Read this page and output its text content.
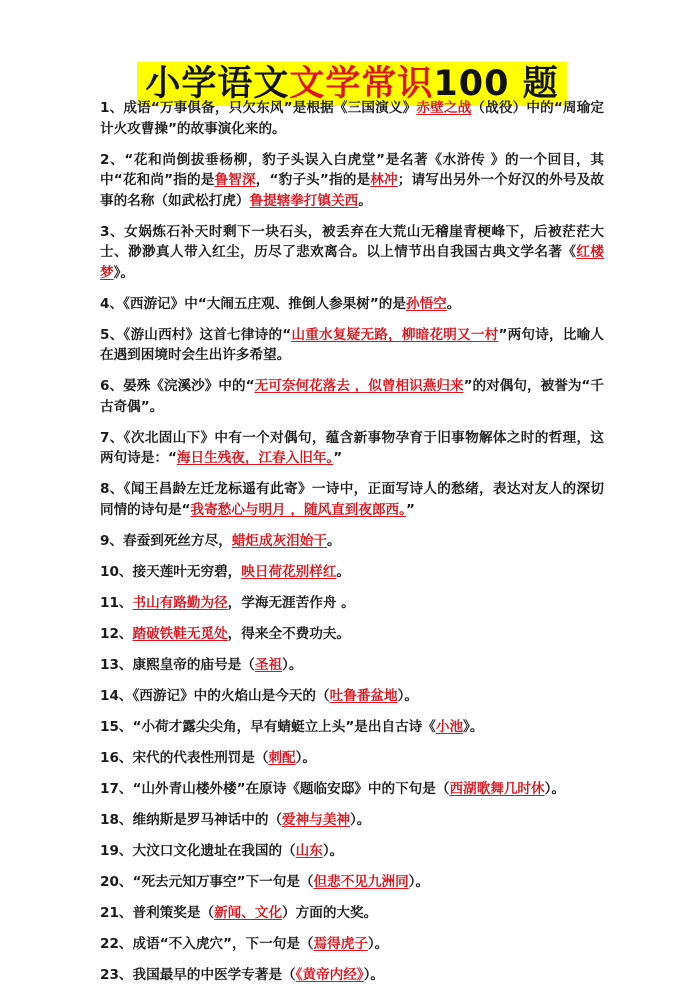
小学语文文学常识100 题
1、成语“万事俱备，只欠东风”是根据《三国演义》赤壁之战（战役）中的“周瑜定计火攻曹操”的故事演化来的。
2、“花和尚倒拔垂杨柳，豹子头误入白虎堂”是名著《水浒传 》的一个回目，其中“花和尚”指的是鲁智深，“豹子头”指的是林冲；请写出另外一个好汉的外号及故事的名称（如武松打虎）鲁提辖拳打镇关西。
3、女娲炼石补天时剩下一块石头，被丢弃在大荒山无稽崖青梗峰下，后被茫茫大士、渺渺真人带入红尘，历尽了悲欢离合。以上情节出自我国古典文学名著《红楼梦》。
4、《西游记》中“大闹五庄观、推倒人参果树”的是孙悟空。
5、《游山西村》这首七律诗的“山重水复疑无路，柳暗花明又一村”两句诗，比喻人在遇到困境时会生出许多希望。
6、晏殊《浣溪沙》中的“无可奈何花落去 ，似曾相识燕归来”的对偶句，被誉为“千古奇偶”。
7、《次北固山下》中有一个对偶句，蕴含新事物孕育于旧事物解体之时的哲理，这两句诗是：“海日生残夜，江春入旧年。”
8、《闻王昌龄左迁龙标遥有此寄》一诗中，正面写诗人的愁绪，表达对友人的深切同情的诗句是“我寄愁心与明月 ，随风直到夜郎西。”
9、春蚕到死丝方尽，蜡炬成灰泪始干。
10、接天莲叶无穷碧，映日荷花别样红。
11、书山有路勤为径，学海无涯苦作舟 。
12、踏破铁鞋无觅处，得来全不费功夫。
13、康熙皇帝的庙号是（圣祖）。
14、《西游记》中的火焰山是今天的（吐鲁番盆地）。
15、“小荷才露尖尖角，早有蜻蜓立上头”是出自古诗《小池》。
16、宋代的代表性刑罚是（刺配）。
17、“山外青山楼外楼”在原诗《题临安邸》中的下句是（西湖歌舞几时休）。
18、维纳斯是罗马神话中的（爱神与美神）。
19、大汶口文化遗址在我国的（山东）。
20、“死去元知万事空”下一句是（但悲不见九洲同）。
21、普利策奖是（新闻、文化）方面的大奖。
22、成语“不入虎穴”，下一句是（焉得虎子）。
23、我国最早的中医学专著是（《黄帝内经》）。
